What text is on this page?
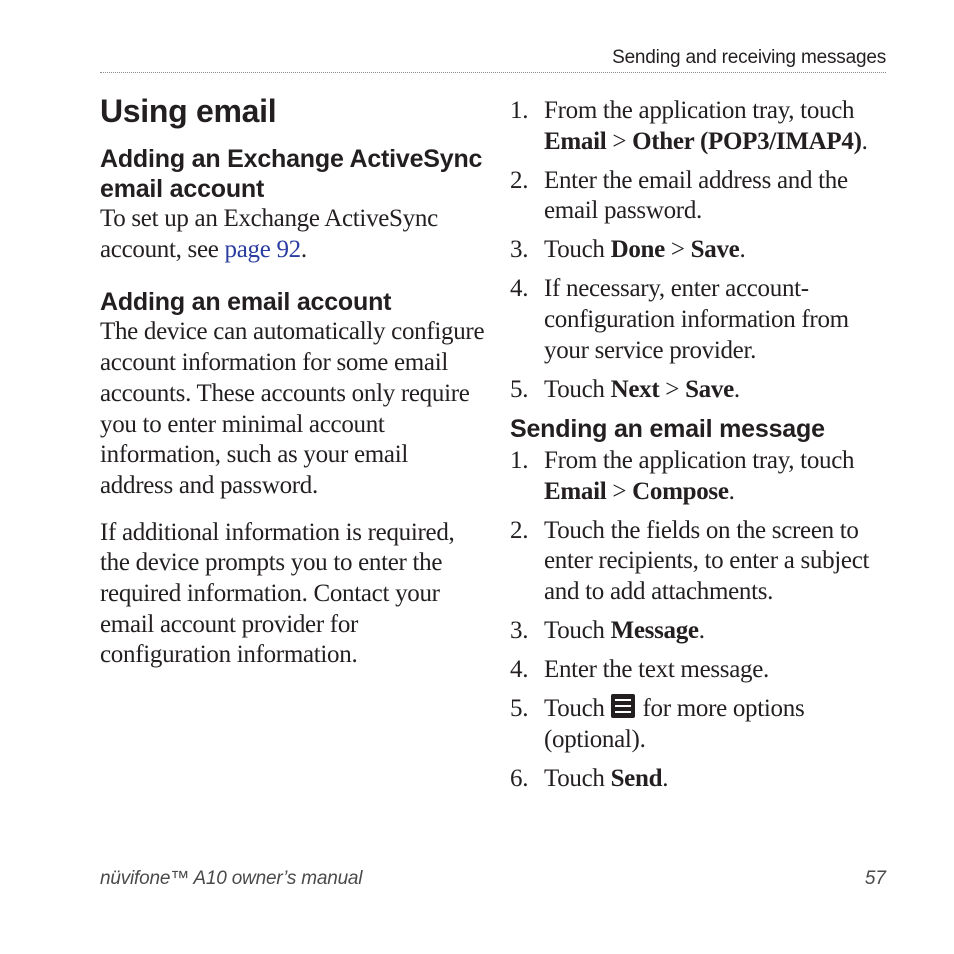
Sending and receiving messages
Using email
Adding an Exchange ActiveSync email account

To set up an Exchange ActiveSync account, see page 92.

Adding an email account

The device can automatically configure account information for some email accounts. These accounts only require you to enter minimal account information, such as your email address and password.

If additional information is required, the device prompts you to enter the required information. Contact your email account provider for configuration information.

1. From the application tray, touch Email > Other (POP3/IMAP4).
2. Enter the email address and the email password.
3. Touch Done > Save.
4. If necessary, enter account-configuration information from your service provider.
5. Touch Next > Save.
Sending an email message
1. From the application tray, touch Email > Compose.
2. Touch the fields on the screen to enter recipients, to enter a subject and to add attachments.
3. Touch Message.
4. Enter the text message.
5. Touch
for more options (optional).
6. Touch Send.
nüvifone™ A10 owner’s manual	57
